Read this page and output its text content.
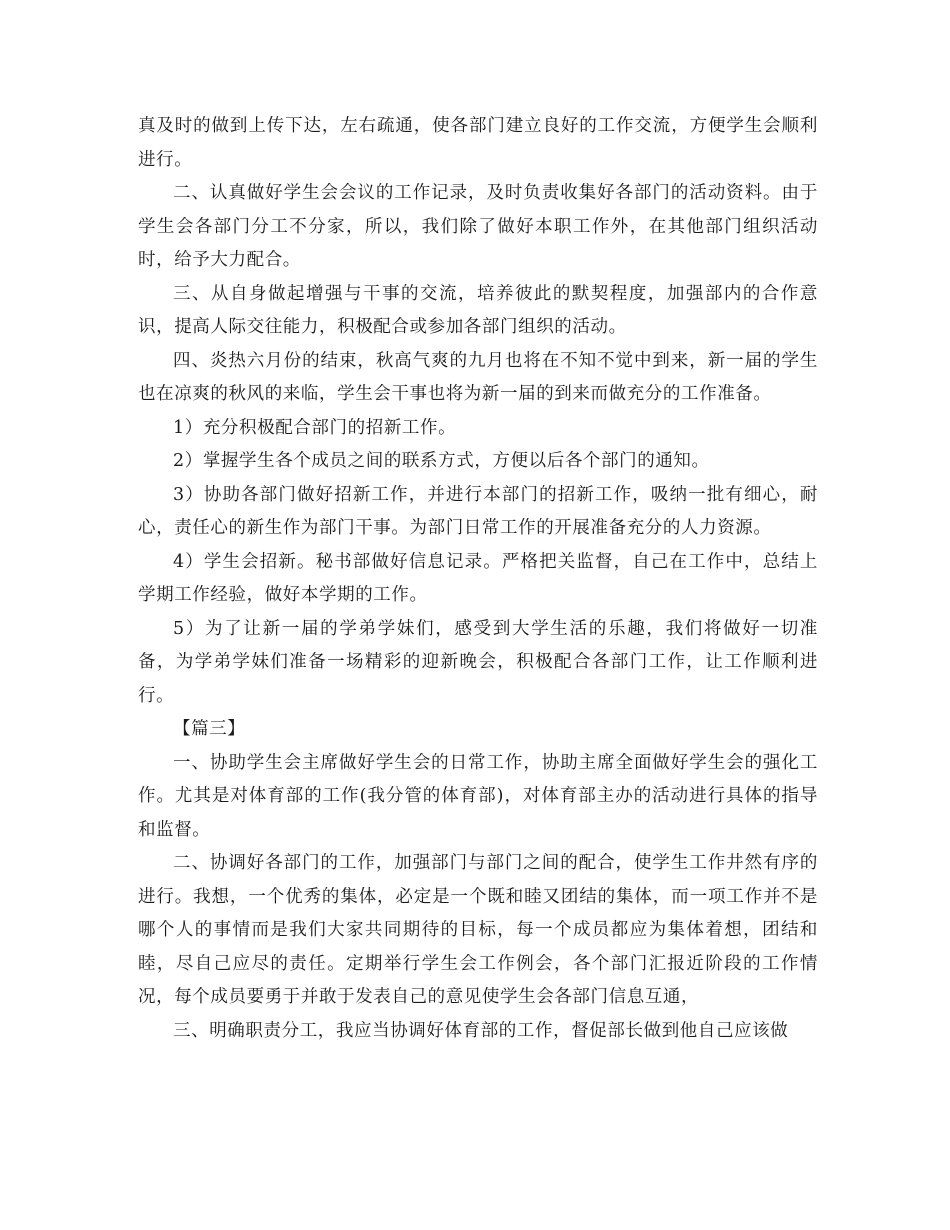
真及时的做到上传下达，左右疏通，使各部门建立良好的工作交流，方便学生会顺利进行。

二、认真做好学生会会议的工作记录，及时负责收集好各部门的活动资料。由于学生会各部门分工不分家，所以，我们除了做好本职工作外，在其他部门组织活动时，给予大力配合。

三、从自身做起增强与干事的交流，培养彼此的默契程度，加强部内的合作意识，提高人际交往能力，积极配合或参加各部门组织的活动。

四、炎热六月份的结束，秋高气爽的九月也将在不知不觉中到来，新一届的学生也在凉爽的秋风的来临，学生会干事也将为新一届的到来而做充分的工作准备。

1）充分积极配合部门的招新工作。

2）掌握学生各个成员之间的联系方式，方便以后各个部门的通知。

3）协助各部门做好招新工作，并进行本部门的招新工作，吸纳一批有细心，耐心，责任心的新生作为部门干事。为部门日常工作的开展准备充分的人力资源。

4）学生会招新。秘书部做好信息记录。严格把关监督，自己在工作中，总结上学期工作经验，做好本学期的工作。

5）为了让新一届的学弟学妹们，感受到大学生活的乐趣，我们将做好一切准备，为学弟学妹们准备一场精彩的迎新晚会，积极配合各部门工作，让工作顺利进行。

【篇三】

一、协助学生会主席做好学生会的日常工作，协助主席全面做好学生会的强化工作。尤其是对体育部的工作(我分管的体育部)，对体育部主办的活动进行具体的指导和监督。

二、协调好各部门的工作，加强部门与部门之间的配合，使学生工作井然有序的进行。我想，一个优秀的集体，必定是一个既和睦又团结的集体，而一项工作并不是哪个人的事情而是我们大家共同期待的目标，每一个成员都应为集体着想，团结和睦，尽自己应尽的责任。定期举行学生会工作例会，各个部门汇报近阶段的工作情况，每个成员要勇于并敢于发表自己的意见使学生会各部门信息互通，

三、明确职责分工，我应当协调好体育部的工作，督促部长做到他自己应该做
